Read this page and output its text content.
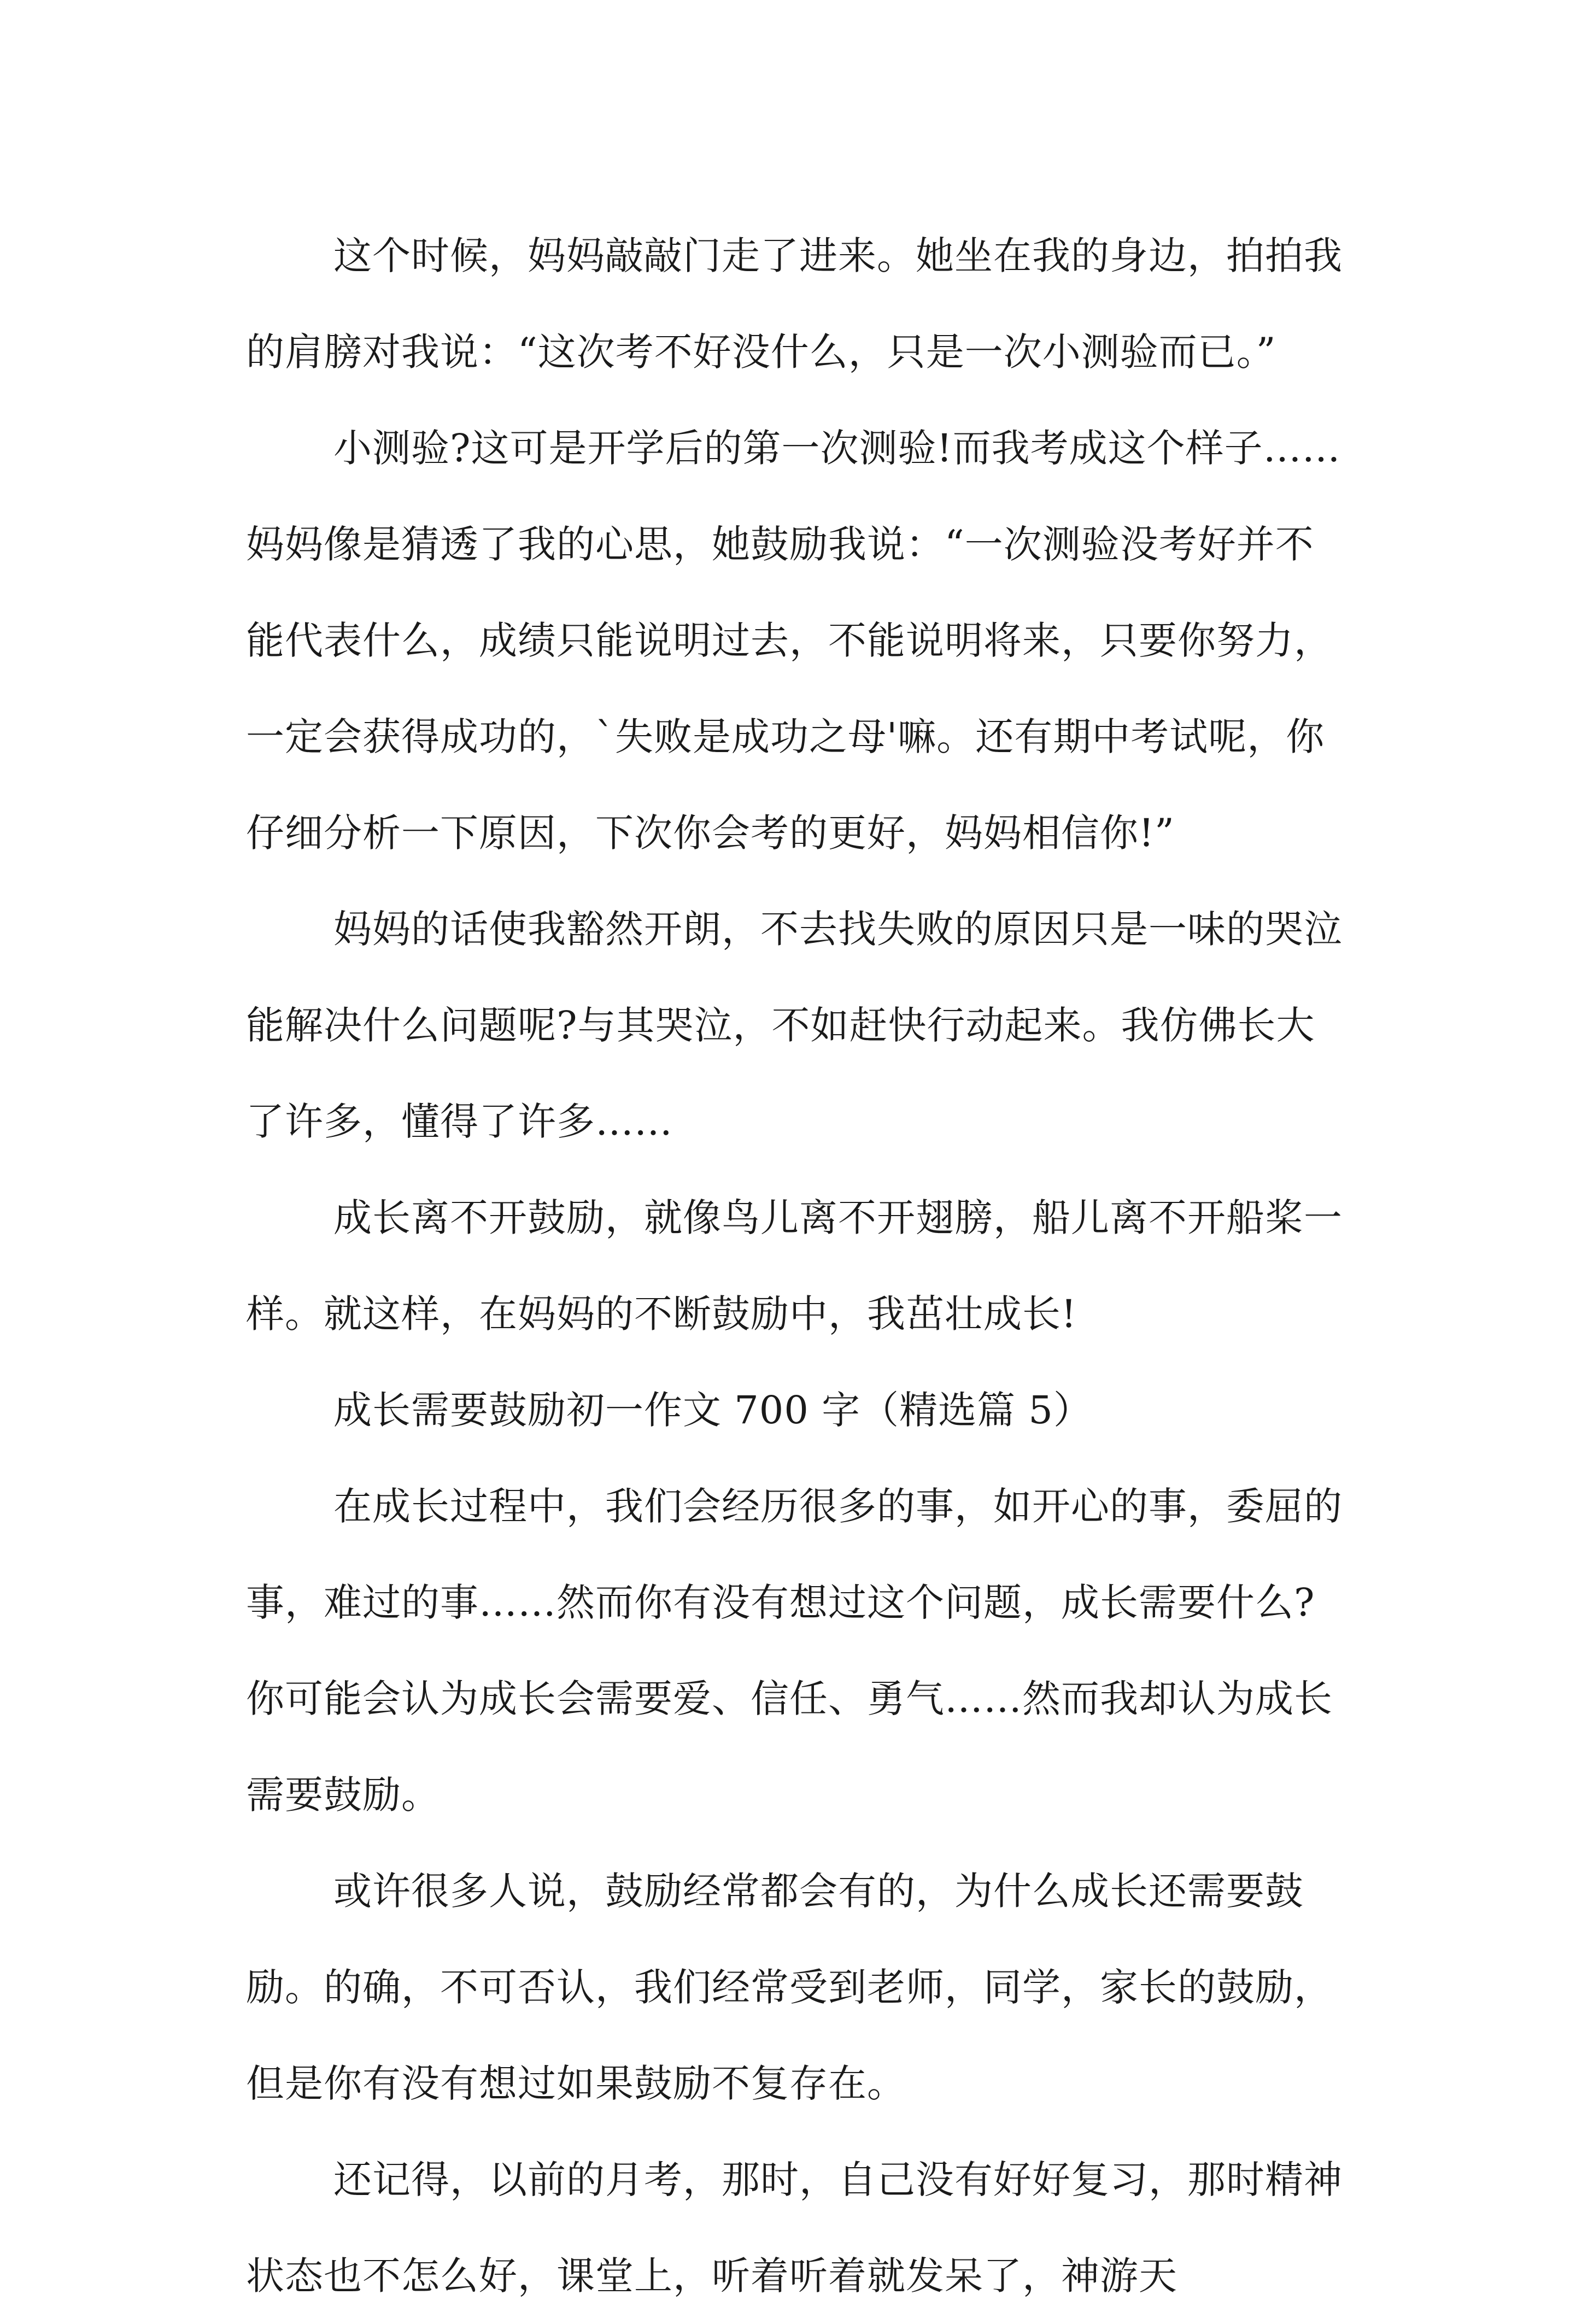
这个时候，妈妈敲敲门走了进来。她坐在我的身边，拍拍我的肩膀对我说：“这次考不好没什么，只是一次小测验而已。”

小测验?这可是开学后的第一次测验!而我考成这个样子……妈妈像是猜透了我的心思，她鼓励我说：“一次测验没考好并不能代表什么，成绩只能说明过去，不能说明将来，只要你努力，一定会获得成功的，`失败是成功之母'嘛。还有期中考试呢，你仔细分析一下原因，下次你会考的更好，妈妈相信你!”

妈妈的话使我豁然开朗，不去找失败的原因只是一味的哭泣能解决什么问题呢?与其哭泣，不如赶快行动起来。我仿佛长大了许多，懂得了许多……

成长离不开鼓励，就像鸟儿离不开翅膀，船儿离不开船桨一样。就这样，在妈妈的不断鼓励中，我茁壮成长!

成长需要鼓励初一作文 700 字（精选篇 5）

在成长过程中，我们会经历很多的事，如开心的事，委屈的事，难过的事……然而你有没有想过这个问题，成长需要什么?你可能会认为成长会需要爱、信任、勇气……然而我却认为成长需要鼓励。

或许很多人说，鼓励经常都会有的，为什么成长还需要鼓励。的确，不可否认，我们经常受到老师，同学，家长的鼓励，但是你有没有想过如果鼓励不复存在。

还记得，以前的月考，那时，自己没有好好复习，那时精神状态也不怎么好，课堂上，听着听着就发呆了，神游天
